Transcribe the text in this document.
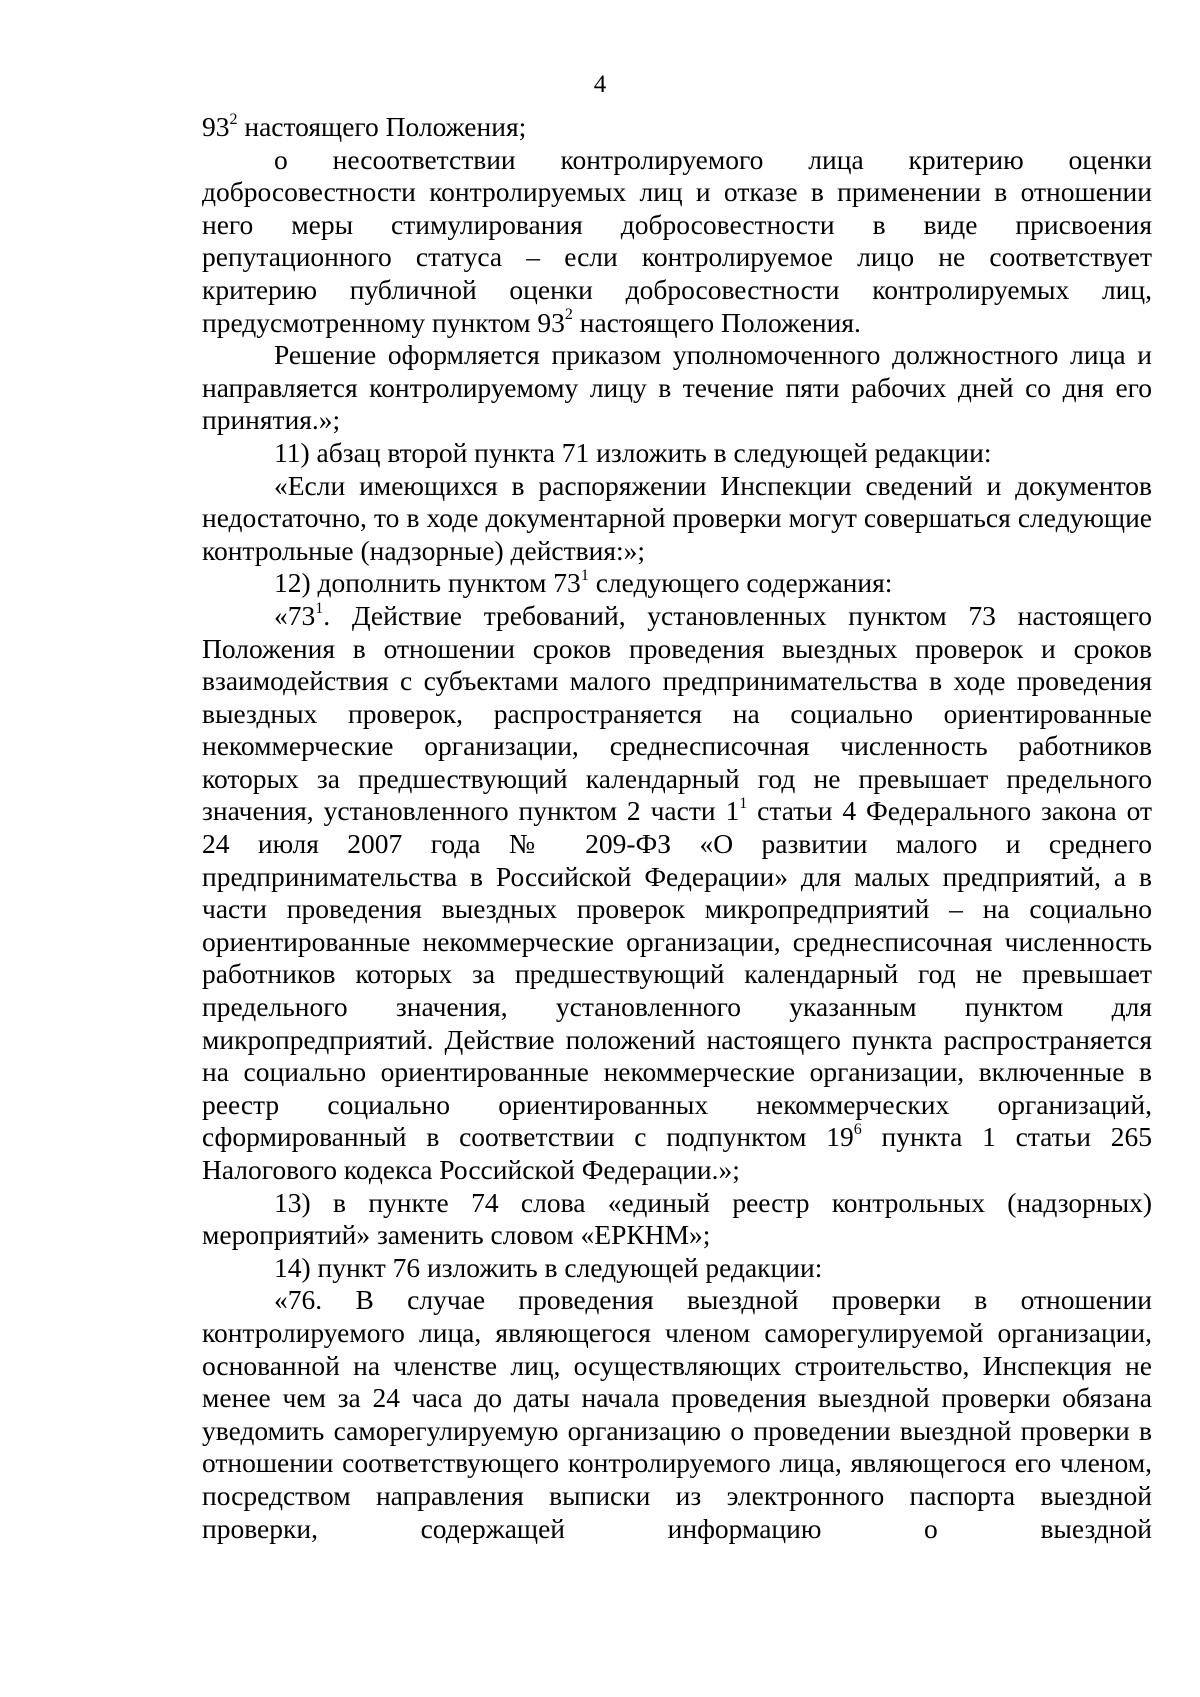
4

$93^2$ настоящего Положения;

о несоответствии контролируемого лица критерию оценки добросовестности контролируемых лиц и отказе в применении в отношении него меры стимулирования добросовестности в виде присвоения репутационного статуса – если контролируемое лицо не соответствует критерию публичной оценки добросовестности контролируемых лиц, предусмотренному пунктом $93^2$ настоящего Положения.

Решение оформляется приказом уполномоченного должностного лица и направляется контролируемому лицу в течение пяти рабочих дней со дня его принятия.»;

11) абзац второй пункта 71 изложить в следующей редакции:

«Если имеющихся в распоряжении Инспекции сведений и документов недостаточно, то в ходе документарной проверки могут совершаться следующие контрольные (надзорные) действия:»;

12) дополнить пунктом $73^1$ следующего содержания:

«$73^1$. Действие требований, установленных пунктом 73 настоящего Положения в отношении сроков проведения выездных проверок и сроков взаимодействия с субъектами малого предпринимательства в ходе проведения выездных проверок, распространяется на социально ориентированные некоммерческие организации, среднесписочная численность работников которых за предшествующий календарный год не превышает предельного значения, установленного пунктом 2 части $1^1$ статьи 4 Федерального закона от 24 июля 2007 года № 209-ФЗ «О развитии малого и среднего предпринимательства в Российской Федерации» для малых предприятий, а в части проведения выездных проверок микропредприятий – на социально ориентированные некоммерческие организации, среднесписочная численность работников которых за предшествующий календарный год не превышает предельного значения, установленного указанным пунктом для микропредприятий. Действие положений настоящего пункта распространяется на социально ориентированные некоммерческие организации, включенные в реестр социально ориентированных некоммерческих организаций, сформированный в соответствии с подпунктом $19^6$ пункта 1 статьи 265 Налогового кодекса Российской Федерации.»;

13) в пункте 74 слова «единый реестр контрольных (надзорных) мероприятий» заменить словом «ЕРКНМ»;

14) пункт 76 изложить в следующей редакции:

«76. В случае проведения выездной проверки в отношении контролируемого лица, являющегося членом саморегулируемой организации, основанной на членстве лиц, осуществляющих строительство, Инспекция не менее чем за 24 часа до даты начала проведения выездной проверки обязана уведомить саморегулируемую организацию о проведении выездной проверки в отношении соответствующего контролируемого лица, являющегося его членом, посредством направления выписки из электронного паспорта выездной проверки, содержащей информацию о выездной
